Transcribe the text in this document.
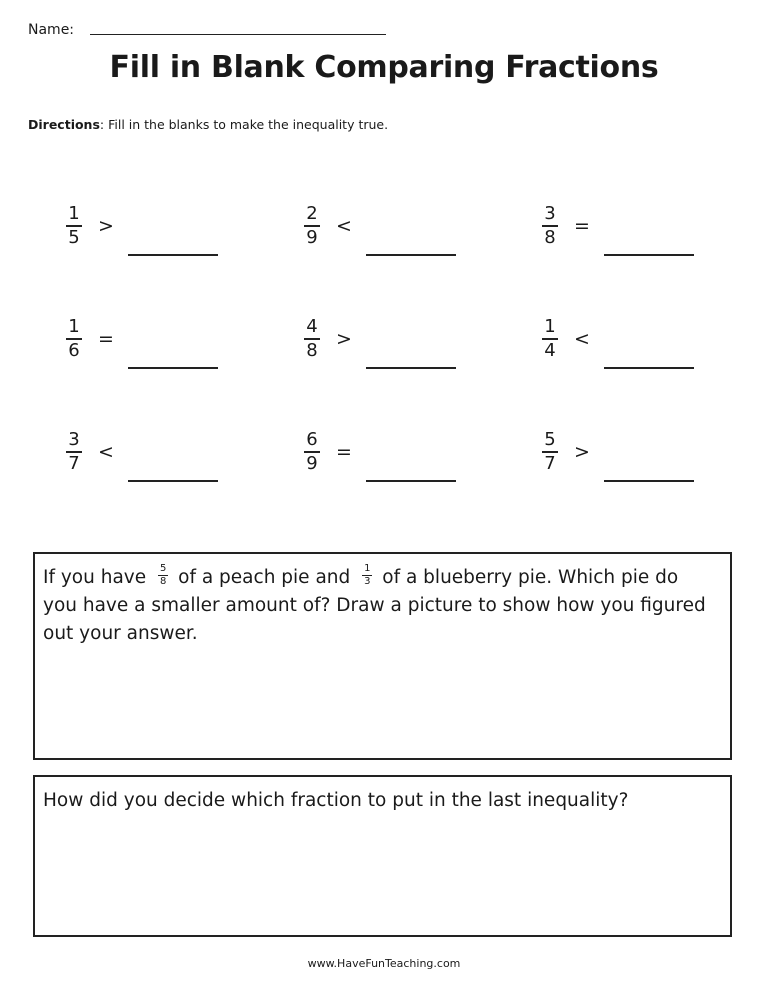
Name:
Fill in Blank Comparing Fractions
Directions: Fill in the blanks to make the inequality true.
1
5
>
2
9
<
3
8
=
1
6
=
4
8
>
1
4
<
3
7
<
6
9
=
5
7
>
If you have $\frac{5}{8}$ of a peach pie and $\frac{1}{3}$ of a blueberry pie. Which pie do you have a smaller amount of? Draw a picture to show how you figured out your answer.
How did you decide which fraction to put in the last inequality?
www.HaveFunTeaching.com
